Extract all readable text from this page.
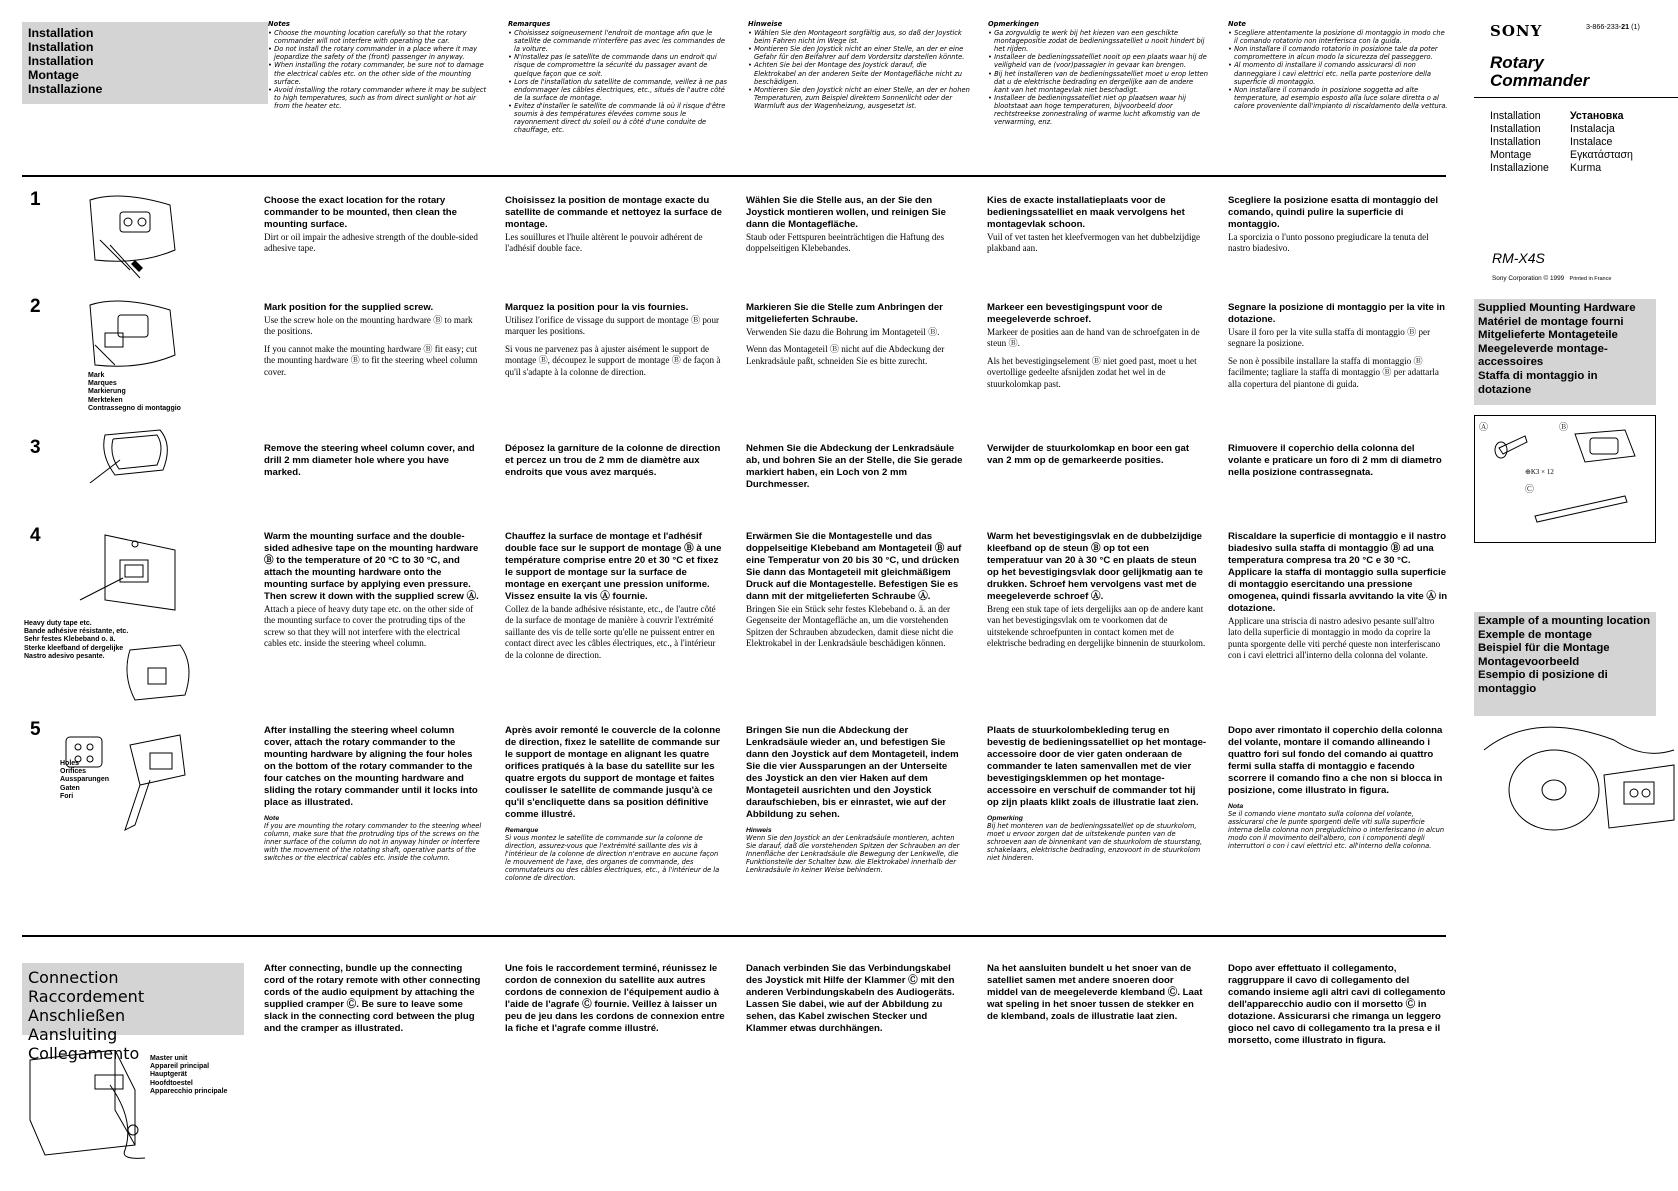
Installation
Installation
Installation
Montage
Installazione
Notes
• Choose the mounting location carefully so that the rotary commander will not interfere with operating the car.
• Do not install the rotary commander in a place where it may jeopardize the safety of the (front) passenger in anyway.
• When installing the rotary commander, be sure not to damage the electrical cables etc. on the other side of the mounting surface.
• Avoid installing the rotary commander where it may be subject to high temperatures, such as from direct sunlight or hot air from the heater etc.
Remarques
• Choisissez soigneusement l'endroit de montage afin que le satellite de commande n'interfère pas avec les commandes de la voiture.
• N'installez pas le satellite de commande dans un endroit qui risque de compromettre la sécurité du passager avant de quelque façon que ce soit.
• Lors de l'installation du satellite de commande, veillez à ne pas endommager les câbles électriques, etc., situés de l'autre côté de la surface de montage.
• Evitez d'installer le satellite de commande là où il risque d'être soumis à des températures élevées comme sous le rayonnement direct du soleil ou à côté d'une conduite de chauffage, etc.
Hinweise
• Wählen Sie den Montageort sorgfältig aus, so daß der Joystick beim Fahren nicht im Wege ist.
• Montieren Sie den Joystick nicht an einer Stelle, an der er eine Gefahr für den Beifahrer auf dem Vordersitz darstellen könnte.
• Achten Sie bei der Montage des Joystick darauf, die Elektrokabel an der anderen Seite der Montagefläche nicht zu beschädigen.
• Montieren Sie den Joystick nicht an einer Stelle, an der er hohen Temperaturen, zum Beispiel direktem Sonnenlicht oder der Warmluft aus der Wagenheizung, ausgesetzt ist.
Opmerkingen
• Ga zorgvuldig te werk bij het kiezen van een geschikte montagepositie zodat de bedieningssatelliet u nooit hindert bij het rijden.
• Installeer de bedieningssatelliet nooit op een plaats waar hij de veiligheid van de (voor)passagier in gevaar kan brengen.
• Bij het installeren van de bedieningssatelliet moet u erop letten dat u de elektrische bedrading en dergelijke aan de andere kant van het montagevlak niet beschadigt.
• Installeer de bedieningssatelliet niet op plaatsen waar hij blootstaat aan hoge temperaturen, bijvoorbeeld door rechtstreekse zonnestraling of warme lucht afkomstig van de verwarming, enz.
Note
• Scegliere attentamente la posizione di montaggio in modo che il comando rotatorio non interferisca con la guida.
• Non installare il comando rotatorio in posizione tale da poter compromettere in alcun modo la sicurezza del passeggero.
• Al momento di installare il comando assicurarsi di non danneggiare i cavi elettrici etc. nella parte posteriore della superficie di montaggio.
• Non installare il comando in posizione soggetta ad alte temperature, ad esempio esposto alla luce solare diretta o al calore proveniente dall'impianto di riscaldamento della vettura.
1	Choose the exact location for the rotary commander to be mounted, then clean the mounting surface.
Dirt or oil impair the adhesive strength of the double-sided adhesive tape.
Choisissez la position de montage exacte du satellite de commande et nettoyez la surface de montage.
Les souillures et l'huile altèrent le pouvoir adhérent de l'adhésif double face.
Wählen Sie die Stelle aus, an der Sie den Joystick montieren wollen, und reinigen Sie dann die Montagefläche.
Staub oder Fettspuren beeinträchtigen die Haftung des doppelseitigen Klebebandes.
Kies de exacte installatieplaats voor de bedieningssatelliet en maak vervolgens het montagevlak schoon.
Vuil of vet tasten het kleefvermogen van het dubbelzijdige plakband aan.
Scegliere la posizione esatta di montaggio del comando, quindi pulire la superficie di montaggio.
La sporcizia o l'unto possono pregiudicare la tenuta del nastro biadesivo.
2
Mark
Marques
Markierung
Merkteken
Contrassegno di montaggio
Mark position for the supplied screw.
Use the screw hole on the mounting hardware Ⓑ to mark the positions.
If you cannot make the mounting hardware Ⓑ fit easy; cut the mounting hardware Ⓑ to fit the steering wheel column cover.
Marquez la position pour la vis fournies.
Utilisez l'orifice de vissage du support de montage Ⓑ pour marquer les positions.
Si vous ne parvenez pas à ajuster aisément le support de montage Ⓑ, découpez le support de montage Ⓑ de façon à qu'il s'adapte à la colonne de direction.
Markieren Sie die Stelle zum Anbringen der mitgelieferten Schraube.
Verwenden Sie dazu die Bohrung im Montageteil Ⓑ.
Wenn das Montageteil Ⓑ nicht auf die Abdeckung der Lenkradsäule paßt, schneiden Sie es bitte zurecht.
Markeer een bevestigingspunt voor de meegeleverde schroef.
Markeer de posities aan de hand van de schroefgaten in de steun Ⓑ.
Als het bevestigingselement Ⓑ niet goed past, moet u het overtollige gedeelte afsnijden zodat het wel in de stuurkolomkap past.
Segnare la posizione di montaggio per la vite in dotazione.
Usare il foro per la vite sulla staffa di montaggio Ⓑ per segnare la posizione.
Se non è possibile installare la staffa di montaggio Ⓑ facilmente; tagliare la staffa di montaggio Ⓑ per adattarla alla copertura del piantone di guida.
3	Remove the steering wheel column cover, and drill 2 mm diameter hole where you have marked.
Déposez la garniture de la colonne de direction et percez un trou de 2 mm de diamètre aux endroits que vous avez marqués.
Nehmen Sie die Abdeckung der Lenkradsäule ab, und bohren Sie an der Stelle, die Sie gerade markiert haben, ein Loch von 2 mm Durchmesser.
Verwijder de stuurkolomkap en boor een gat van 2 mm op de gemarkeerde posities.
Rimuovere il coperchio della colonna del volante e praticare un foro di 2 mm di diametro nella posizione contrassegnata.
4
Heavy duty tape etc.
Bande adhésive résistante, etc.
Sehr festes Klebeband o. ä.
Sterke kleefband of dergelijke
Nastro adesivo pesante.
Warm the mounting surface and the double-sided adhesive tape on the mounting hardware Ⓑ to the temperature of 20 °C to 30 °C, and attach the mounting hardware onto the mounting surface by applying even pressure. Then screw it down with the supplied screw Ⓐ.
Attach a piece of heavy duty tape etc. on the other side of the mounting surface to cover the protruding tips of the screw so that they will not interfere with the electrical cables etc. inside the steering wheel column.
Chauffez la surface de montage et l'adhésif double face sur le support de montage Ⓑ à une température comprise entre 20 et 30 °C et fixez le support de montage sur la surface de montage en exerçant une pression uniforme. Vissez ensuite la vis Ⓐ fournie.
Collez de la bande adhésive résistante, etc., de l'autre côté de la surface de montage de manière à couvrir l'extrémité saillante des vis de telle sorte qu'elle ne puissent entrer en contact direct avec les câbles électriques, etc., à l'intérieur de la colonne de direction.
Erwärmen Sie die Montagestelle und das doppelseitige Klebeband am Montageteil Ⓑ auf eine Temperatur von 20 bis 30 °C, und drücken Sie dann das Montageteil mit gleichmäßigem Druck auf die Montagestelle. Befestigen Sie es dann mit der mitgelieferten Schraube Ⓐ.
Bringen Sie ein Stück sehr festes Klebeband o. ä. an der Gegenseite der Montagefläche an, um die vorstehenden Spitzen der Schrauben abzudecken, damit diese nicht die Elektrokabel in der Lenkradsäule beschädigen können.
Warm het bevestigingsvlak en de dubbelzijdige kleefband op de steun Ⓑ op tot een temperatuur van 20 à 30 °C en plaats de steun op het bevestigingsvlak door gelijkmatig aan te drukken. Schroef hem vervolgens vast met de meegeleverde schroef Ⓐ.
Breng een stuk tape of iets dergelijks aan op de andere kant van het bevestigingsvlak om te voorkomen dat de uitstekende schroefpunten in contact komen met de elektrische bedrading en dergelijke binnenin de stuurkolom.
Riscaldare la superficie di montaggio e il nastro biadesivo sulla staffa di montaggio Ⓑ ad una temperatura compresa tra 20 °C e 30 °C. Applicare la staffa di montaggio sulla superficie di montaggio esercitando una pressione omogenea, quindi fissarla avvitando la vite Ⓐ in dotazione.
Applicare una striscia di nastro adesivo pesante sull'altro lato della superficie di montaggio in modo da coprire la punta sporgente delle viti perché queste non interferiscano con i cavi elettrici all'interno della colonna del volante.
5
Holes
Orifices
Aussparungen
Gaten
Fori
After installing the steering wheel column cover, attach the rotary commander to the mounting hardware by aligning the four holes on the bottom of the rotary commander to the four catches on the mounting hardware and sliding the rotary commander until it locks into place as illustrated.
Note
If you are mounting the rotary commander to the steering wheel column, make sure that the protruding tips of the screws on the inner surface of the column do not in anyway hinder or interfere with the movement of the rotating shaft, operative parts of the switches or the electrical cables etc. inside the column.
Après avoir remonté le couvercle de la colonne de direction, fixez le satellite de commande sur le support de montage en alignant les quatre orifices pratiqués à la base du satellite sur les quatre ergots du support de montage et faites coulisser le satellite de commande jusqu'à ce qu'il s'encliquette dans sa position définitive comme illustré.
Remarque
Si vous montez le satellite de commande sur la colonne de direction, assurez-vous que l'extrémité saillante des vis à l'intérieur de la colonne de direction n'entrave en aucune façon le mouvement de l'axe, des organes de commande, des commutateurs ou des câbles électriques, etc., à l'intérieur de la colonne de direction.
Bringen Sie nun die Abdeckung der Lenkradsäule wieder an, und befestigen Sie dann den Joystick auf dem Montageteil, indem Sie die vier Aussparungen an der Unterseite des Joystick an den vier Haken auf dem Montageteil ausrichten und den Joystick daraufschieben, bis er einrastet, wie auf der Abbildung zu sehen.
Hinweis
Wenn Sie den Joystick an der Lenkradsäule montieren, achten Sie darauf, daß die vorstehenden Spitzen der Schrauben an der Innenfläche der Lenkradsäule die Bewegung der Lenkwelle, die Funktionsteile der Schalter bzw. die Elektrokabel innerhalb der Lenkradsäule in keiner Weise behindern.
Plaats de stuurkolombekleding terug en bevestig de bedieningssatelliet op het montage-accessoire door de vier gaten onderaan de commander te laten samenvallen met de vier bevestigingsklemmen op het montage-accessoire en verschuif de commander tot hij op zijn plaats klikt zoals de illustratie laat zien.
Opmerking
Bij het monteren van de bedieningssatelliet op de stuurkolom, moet u ervoor zorgen dat de uitstekende punten van de schroeven aan de binnenkant van de stuurkolom de stuurstang, schakelaars, elektrische bedrading, enzovoort in de stuurkolom niet hinderen.
Dopo aver rimontato il coperchio della colonna del volante, montare il comando allineando i quattro fori sul fondo del comando ai quattro fermi sulla staffa di montaggio e facendo scorrere il comando fino a che non si blocca in posizione, come illustrato in figura.
Nota
Se il comando viene montato sulla colonna del volante, assicurarsi che le punte sporgenti delle viti sulla superficie interna della colonna non pregiudichino o interferiscano in alcun modo con il movimento dell'albero, con i componenti degli interruttori o con i cavi elettrici etc. all'interno della colonna.
Connection
Raccordement
Anschließen
Aansluiting
Collegamento	Master unit
Appareil principal
Hauptgerät
Hoofdtoestel
Apparecchio principale
After connecting, bundle up the connecting cord of the rotary remote with other connecting cords of the audio equipment by attaching the supplied cramper Ⓒ. Be sure to leave some slack in the connecting cord between the plug and the cramper as illustrated.
Une fois le raccordement terminé, réunissez le cordon de connexion du satellite aux autres cordons de connexion de l'équipement audio à l'aide de l'agrafe Ⓒ fournie. Veillez à laisser un peu de jeu dans les cordons de connexion entre la fiche et l'agrafe comme illustré.
Danach verbinden Sie das Verbindungskabel des Joystick mit Hilfe der Klammer Ⓒ mit den anderen Verbindungskabeln des Audiogeräts. Lassen Sie dabei, wie auf der Abbildung zu sehen, das Kabel zwischen Stecker und Klammer etwas durchhängen.
Na het aansluiten bundelt u het snoer van de satelliet samen met andere snoeren door middel van de meegeleverde klemband Ⓒ. Laat wat speling in het snoer tussen de stekker en de klemband, zoals de illustratie laat zien.
Dopo aver effettuato il collegamento, raggruppare il cavo di collegamento del comando insieme agli altri cavi di collegamento dell'apparecchio audio con il morsetto Ⓒ in dotazione. Assicurarsi che rimanga un leggero gioco nel cavo di collegamento tra la presa e il morsetto, come illustrato in figura.
SONY	3-866-233-21 (1)
Rotary
Commander
Installation
Installation
Installation
Montage
Installazione
Установка
Instalacja
Instalace
Εγκατάσταση
Kurma
RM-X4S
Sony Corporation © 1999 Printed in France
Supplied Mounting Hardware
Matériel de montage fourni
Mitgelieferte Montageteile
Meegeleverde montage-accessoires
Staffa di montaggio in dotazione
Ⓐ	Ⓑ
⊕K3 × 12
Ⓒ
Example of a mounting location
Exemple de montage
Beispiel für die Montage
Montagevoorbeeld
Esempio di posizione di montaggio
